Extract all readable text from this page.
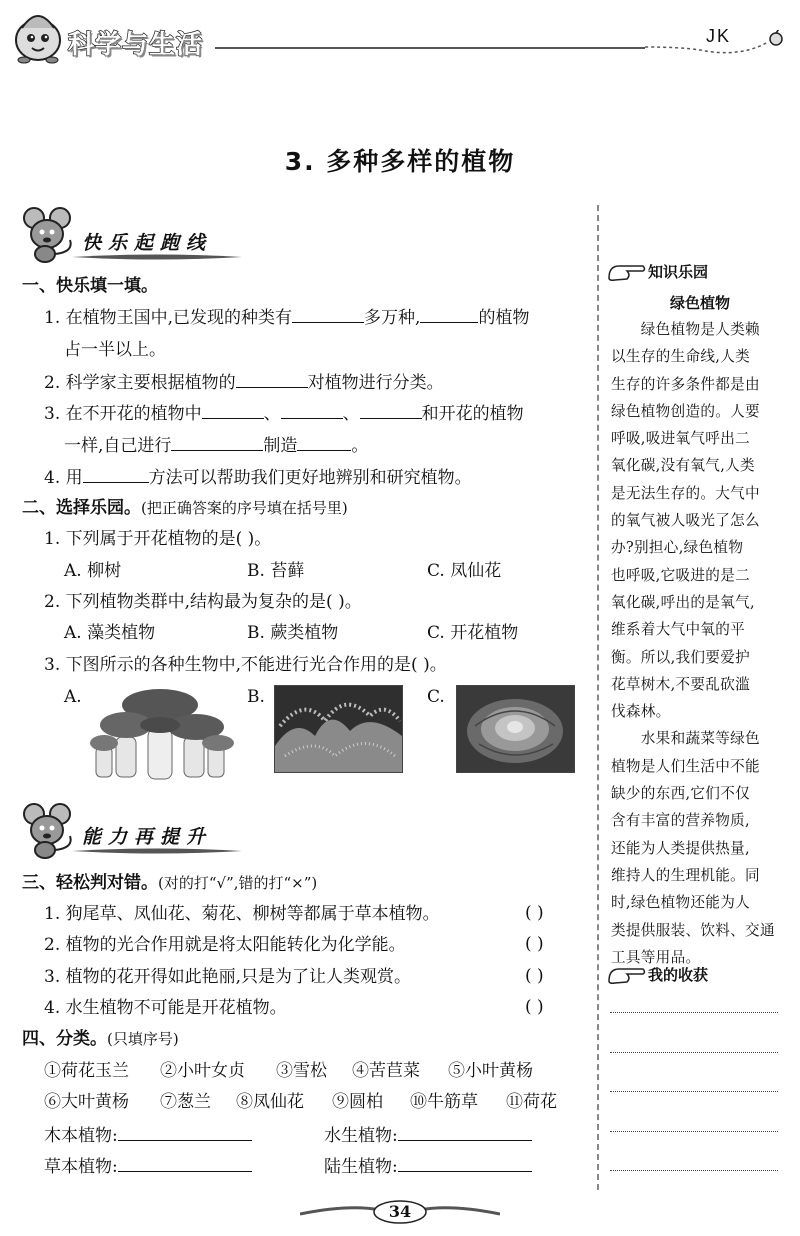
科学与生活	JK
3. 多种多样的植物
快乐起跑线
一、快乐填一填。
1. 在植物王国中,已发现的种类有	多万种,	的植物
占一半以上。
2. 科学家主要根据植物的	对植物进行分类。
3. 在不开花的植物中	、	、	和开花的植物
一样,自己进行	制造	。
4. 用	方法可以帮助我们更好地辨别和研究植物。
二、选择乐园。(把正确答案的序号填在括号里)
1. 下列属于开花植物的是( )。
A. 柳树	B. 苔藓	C. 凤仙花
2. 下列植物类群中,结构最为复杂的是( )。
A. 藻类植物	B. 蕨类植物	C. 开花植物
3. 下图所示的各种生物中,不能进行光合作用的是( )。
A.	B.	C.
能力再提升
三、轻松判对错。(对的打“√”,错的打“×”)
1. 狗尾草、凤仙花、菊花、柳树等都属于草本植物。	( )
2. 植物的光合作用就是将太阳能转化为化学能。	( )
3. 植物的花开得如此艳丽,只是为了让人类观赏。	( )
4. 水生植物不可能是开花植物。	( )
四、分类。(只填序号)
①荷花玉兰 ②小叶女贞 ③雪松 ④苦苣菜 ⑤小叶黄杨
⑥大叶黄杨 ⑦葱兰 ⑧凤仙花 ⑨圆柏 ⑩牛筋草 ⑪荷花
木本植物:	水生植物:
草本植物:	陆生植物:
知识乐园
绿色植物
　　绿色植物是人类赖
以生存的生命线,人类
生存的许多条件都是由
绿色植物创造的。人要
呼吸,吸进氧气呼出二
氧化碳,没有氧气,人类
是无法生存的。大气中
的氧气被人吸光了怎么
办?别担心,绿色植物
也呼吸,它吸进的是二
氧化碳,呼出的是氧气,
维系着大气中氧的平
衡。所以,我们要爱护
花草树木,不要乱砍滥
伐森林。
　　水果和蔬菜等绿色
植物是人们生活中不能
缺少的东西,它们不仅
含有丰富的营养物质,
还能为人类提供热量,
维持人的生理机能。同
时,绿色植物还能为人
类提供服装、饮料、交通
工具等用品。
我的收获
34
